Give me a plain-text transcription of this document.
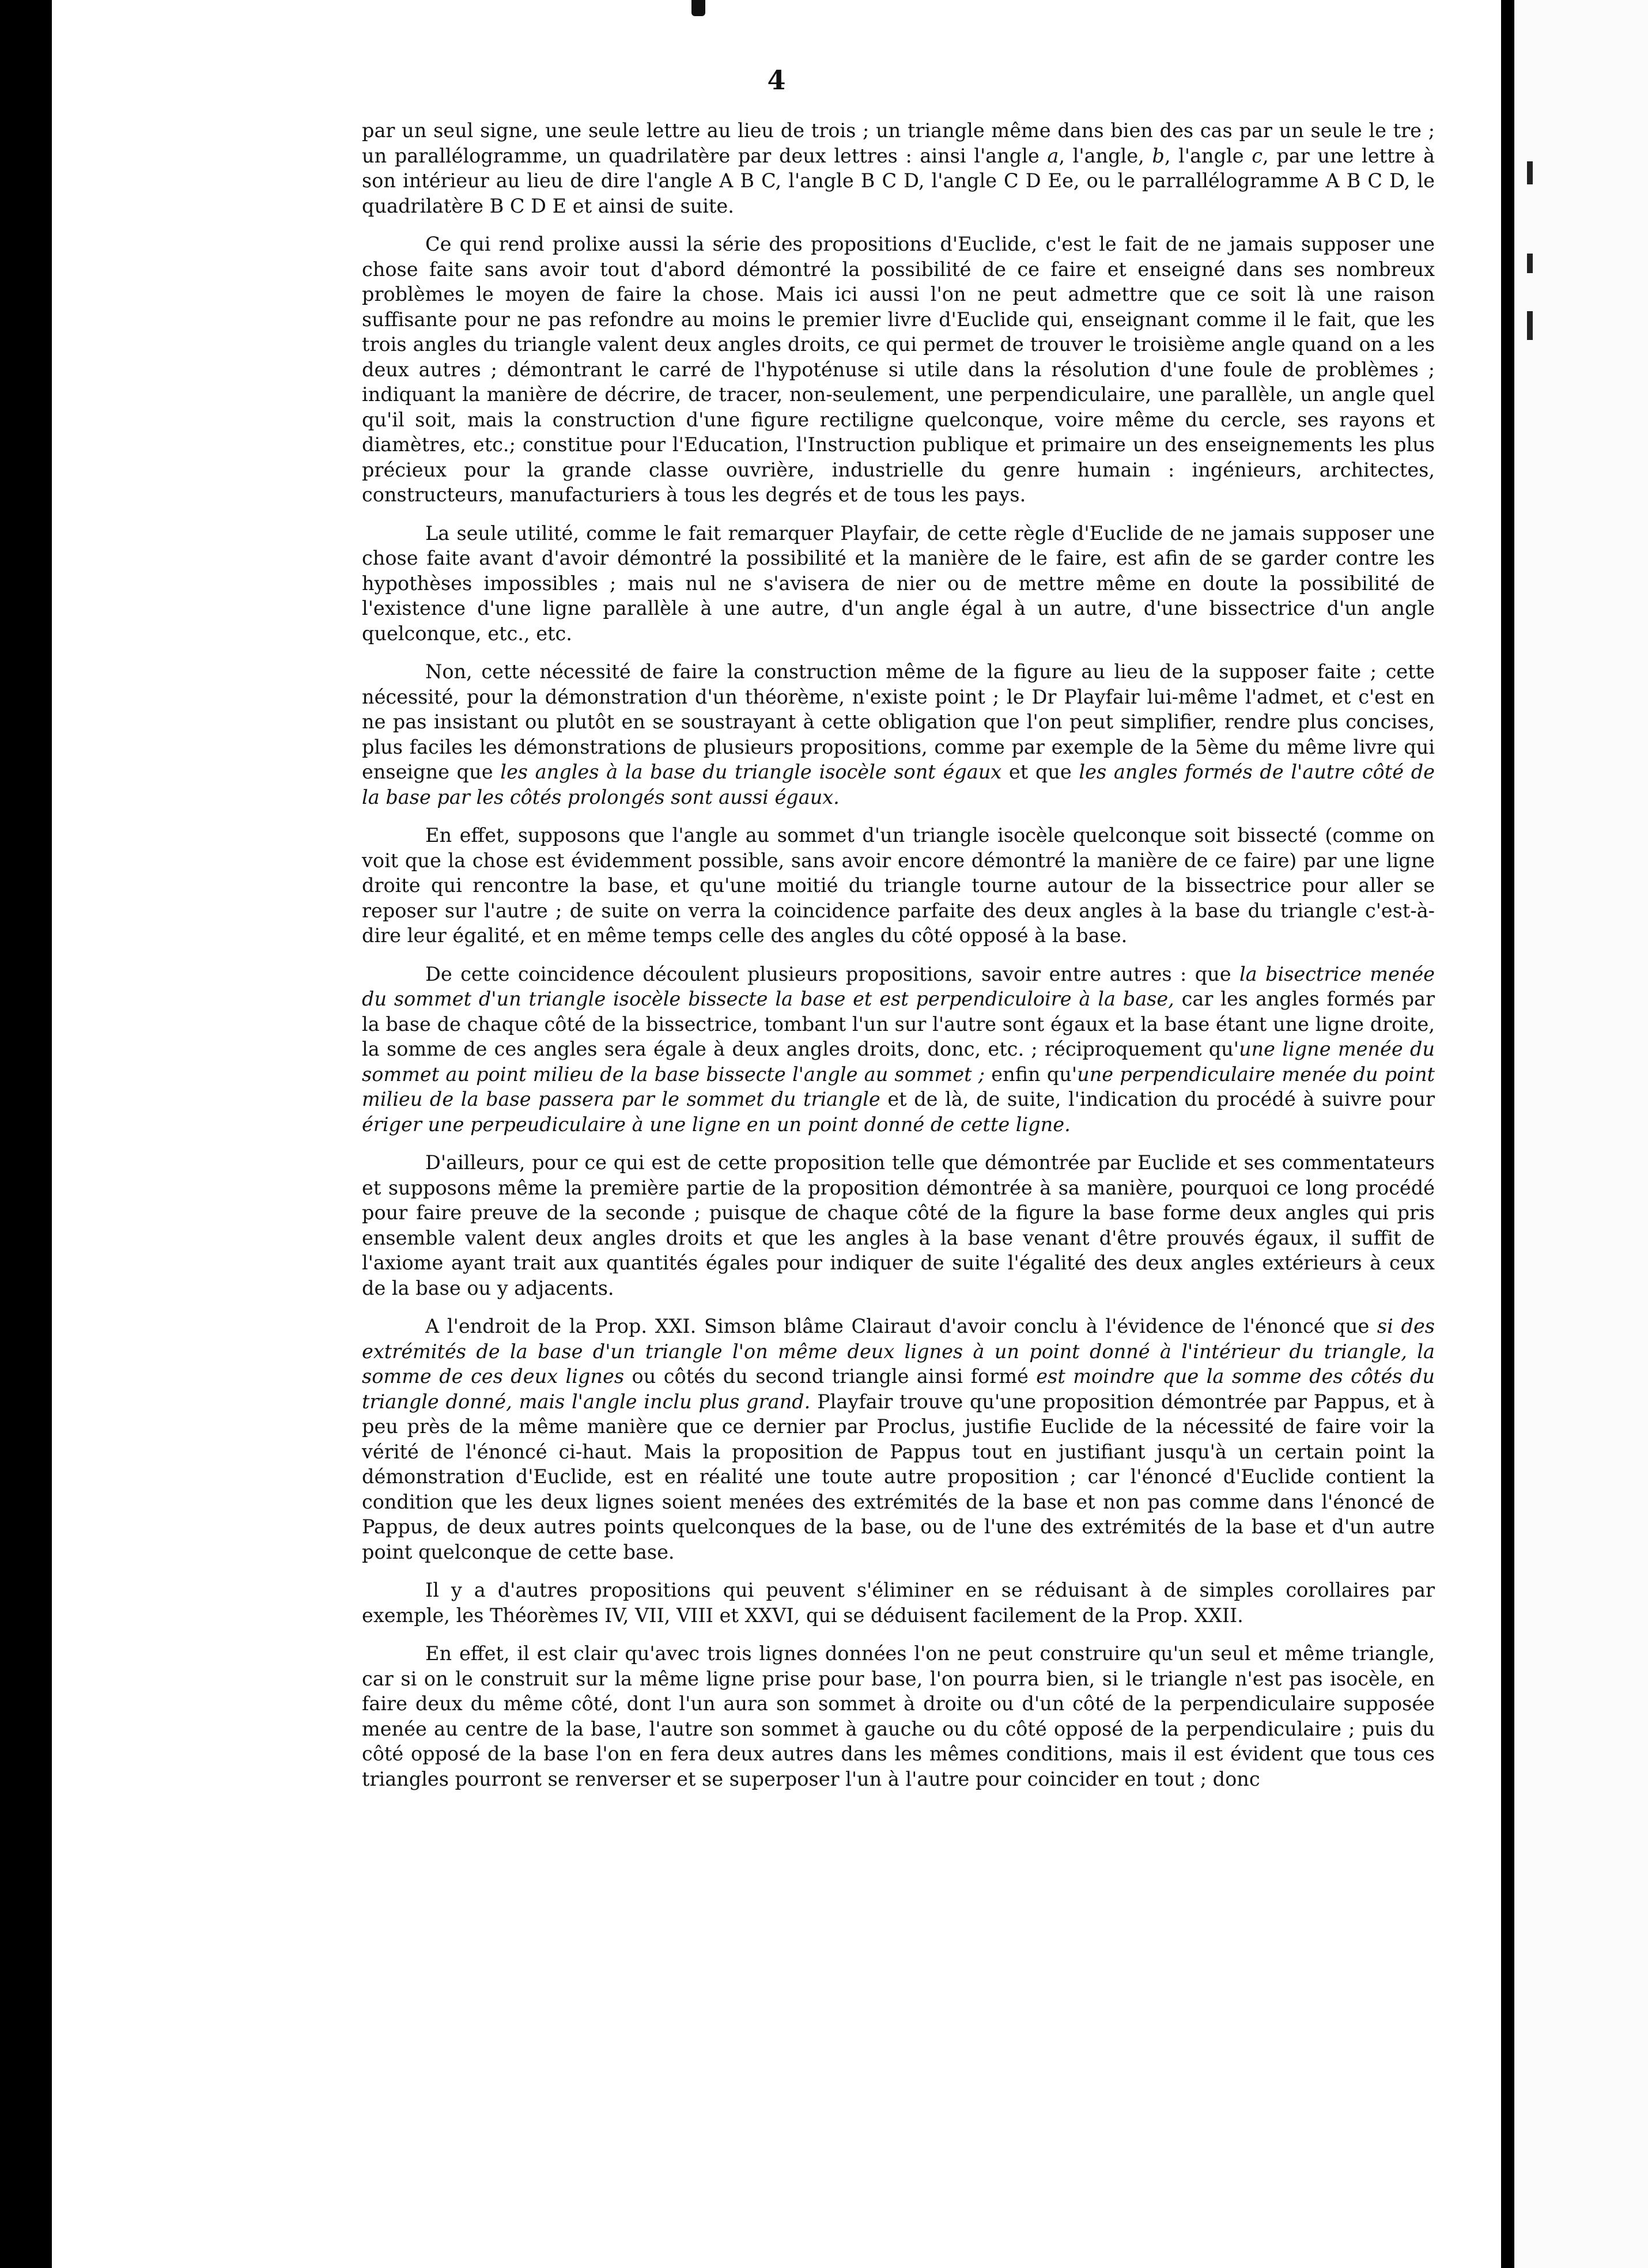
4

par un seul signe, une seule lettre au lieu de trois ; un triangle même dans bien des cas par un seule le tre ; un parallélogramme, un quadrilatère par deux lettres : ainsi l'angle a, l'angle, b, l'angle c, par une lettre à son intérieur au lieu de dire l'angle A B C, l'angle B C D, l'angle C D Ee, ou le parrallélogramme A B C D, le quadrilatère B C D E et ainsi de suite.

Ce qui rend prolixe aussi la série des propositions d'Euclide, c'est le fait de ne jamais supposer une chose faite sans avoir tout d'abord démontré la possibilité de ce faire et enseigné dans ses nombreux problèmes le moyen de faire la chose. Mais ici aussi l'on ne peut admettre que ce soit là une raison suffisante pour ne pas refondre au moins le premier livre d'Euclide qui, enseignant comme il le fait, que les trois angles du triangle valent deux angles droits, ce qui permet de trouver le troisième angle quand on a les deux autres ; démontrant le carré de l'hypoténuse si utile dans la résolution d'une foule de problèmes ; indiquant la manière de décrire, de tracer, non-seulement, une perpendiculaire, une parallèle, un angle quel qu'il soit, mais la construction d'une figure rectiligne quelconque, voire même du cercle, ses rayons et diamètres, etc.; constitue pour l'Education, l'Instruction publique et primaire un des enseignements les plus précieux pour la grande classe ouvrière, industrielle du genre humain : ingénieurs, architectes, constructeurs, manufacturiers à tous les degrés et de tous les pays.

La seule utilité, comme le fait remarquer Playfair, de cette règle d'Euclide de ne jamais supposer une chose faite avant d'avoir démontré la possibilité et la manière de le faire, est afin de se garder contre les hypothèses impossibles ; mais nul ne s'avisera de nier ou de mettre même en doute la possibilité de l'existence d'une ligne parallèle à une autre, d'un angle égal à un autre, d'une bissectrice d'un angle quelconque, etc., etc.

Non, cette nécessité de faire la construction même de la figure au lieu de la supposer faite ; cette nécessité, pour la démonstration d'un théorème, n'existe point ; le Dr Playfair lui-même l'admet, et c'est en ne pas insistant ou plutôt en se soustrayant à cette obligation que l'on peut simplifier, rendre plus concises, plus faciles les démonstrations de plusieurs propositions, comme par exemple de la 5ème du même livre qui enseigne que les angles à la base du triangle isocèle sont égaux et que les angles formés de l'autre côté de la base par les côtés prolongés sont aussi égaux.

En effet, supposons que l'angle au sommet d'un triangle isocèle quelconque soit bissecté (comme on voit que la chose est évidemment possible, sans avoir encore démontré la manière de ce faire) par une ligne droite qui rencontre la base, et qu'une moitié du triangle tourne autour de la bissectrice pour aller se reposer sur l'autre ; de suite on verra la coincidence parfaite des deux angles à la base du triangle c'est-à-dire leur égalité, et en même temps celle des angles du côté opposé à la base.

De cette coincidence découlent plusieurs propositions, savoir entre autres : que la bisectrice menée du sommet d'un triangle isocèle bissecte la base et est perpendiculoire à la base, car les angles formés par la base de chaque côté de la bissectrice, tombant l'un sur l'autre sont égaux et la base étant une ligne droite, la somme de ces angles sera égale à deux angles droits, donc, etc. ; réciproquement qu'une ligne menée du sommet au point milieu de la base bissecte l'angle au sommet ; enfin qu'une perpendiculaire menée du point milieu de la base passera par le sommet du triangle et de là, de suite, l'indication du procédé à suivre pour ériger une perpeudiculaire à une ligne en un point donné de cette ligne.

D'ailleurs, pour ce qui est de cette proposition telle que démontrée par Euclide et ses commentateurs et supposons même la première partie de la proposition démontrée à sa manière, pourquoi ce long procédé pour faire preuve de la seconde ; puisque de chaque côté de la figure la base forme deux angles qui pris ensemble valent deux angles droits et que les angles à la base venant d'être prouvés égaux, il suffit de l'axiome ayant trait aux quantités égales pour indiquer de suite l'égalité des deux angles extérieurs à ceux de la base ou y adjacents.

A l'endroit de la Prop. XXI. Simson blâme Clairaut d'avoir conclu à l'évidence de l'énoncé que si des extrémités de la base d'un triangle l'on même deux lignes à un point donné à l'intérieur du triangle, la somme de ces deux lignes ou côtés du second triangle ainsi formé est moindre que la somme des côtés du triangle donné, mais l'angle inclu plus grand. Playfair trouve qu'une proposition démontrée par Pappus, et à peu près de la même manière que ce dernier par Proclus, justifie Euclide de la nécessité de faire voir la vérité de l'énoncé ci-haut. Mais la proposition de Pappus tout en justifiant jusqu'à un certain point la démonstration d'Euclide, est en réalité une toute autre proposition ; car l'énoncé d'Euclide contient la condition que les deux lignes soient menées des extrémités de la base et non pas comme dans l'énoncé de Pappus, de deux autres points quelconques de la base, ou de l'une des extrémités de la base et d'un autre point quelconque de cette base.

Il y a d'autres propositions qui peuvent s'éliminer en se réduisant à de simples corollaires par exemple, les Théorèmes IV, VII, VIII et XXVI, qui se déduisent facilement de la Prop. XXII.

En effet, il est clair qu'avec trois lignes données l'on ne peut construire qu'un seul et même triangle, car si on le construit sur la même ligne prise pour base, l'on pourra bien, si le triangle n'est pas isocèle, en faire deux du même côté, dont l'un aura son sommet à droite ou d'un côté de la perpendiculaire supposée menée au centre de la base, l'autre son sommet à gauche ou du côté opposé de la perpendiculaire ; puis du côté opposé de la base l'on en fera deux autres dans les mêmes conditions, mais il est évident que tous ces triangles pourront se renverser et se superposer l'un à l'autre pour coincider en tout ; donc
